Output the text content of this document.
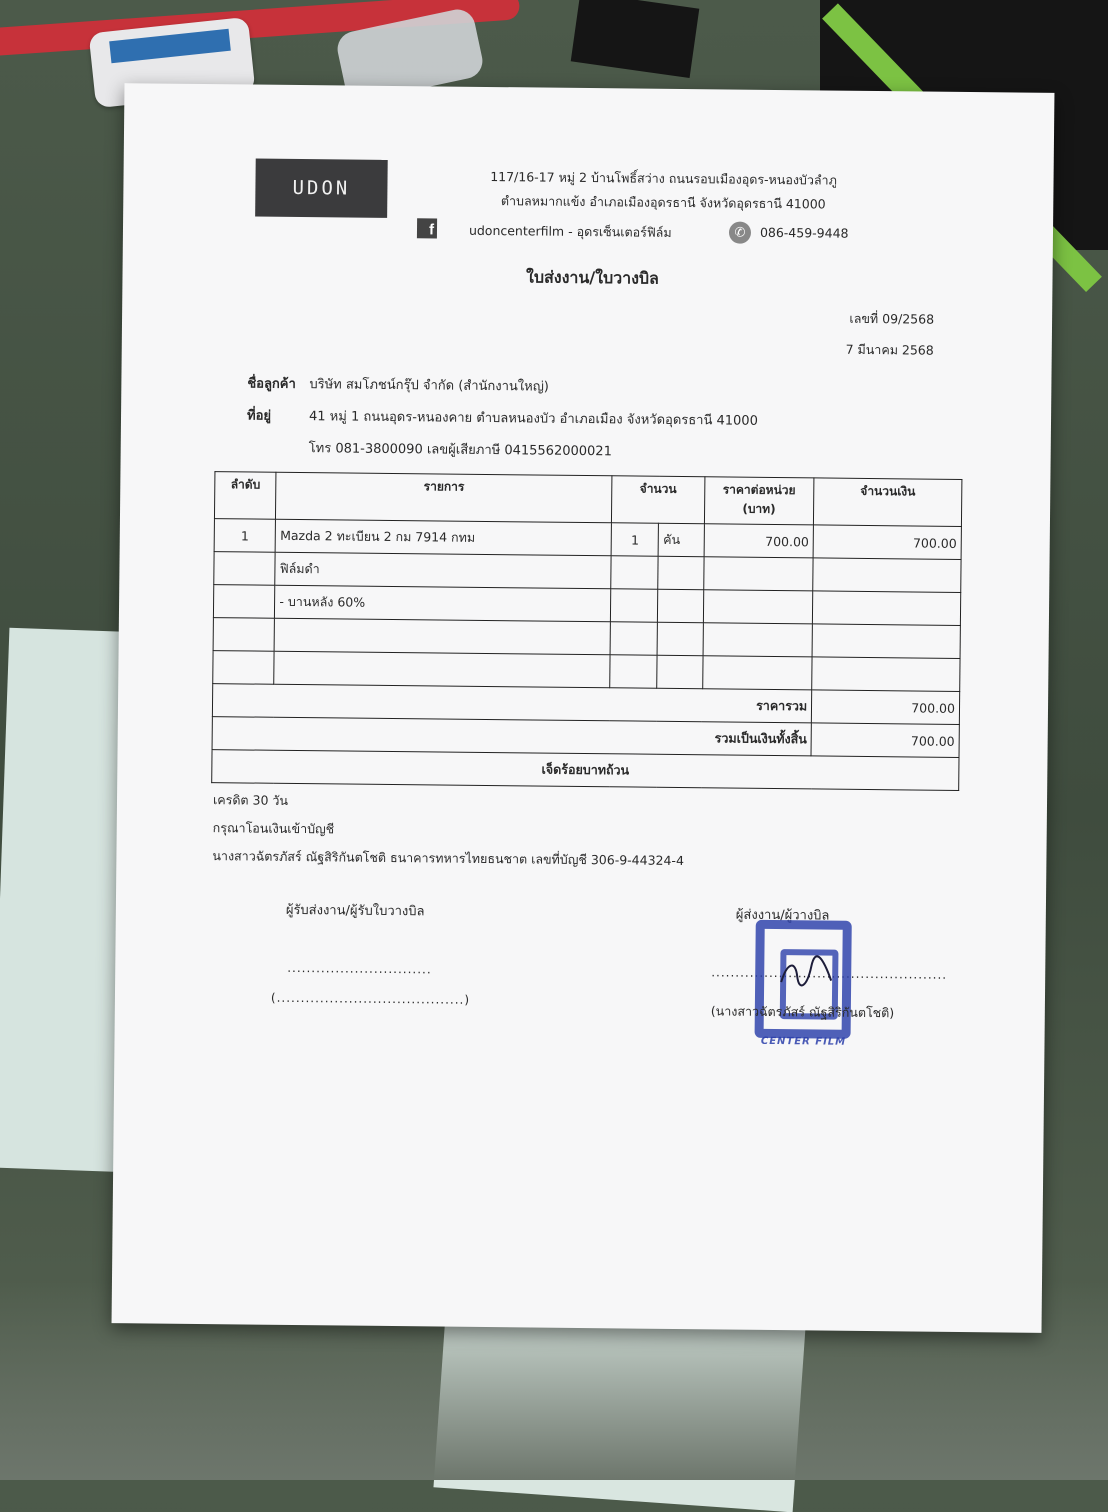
UDON	117/16-17 หมู่ 2 บ้านโพธิ์สว่าง ถนนรอบเมืองอุดร-หนองบัวลำภู
ตำบลหมากแข้ง อำเภอเมืองอุดรธานี จังหวัดอุดรธานี 41000
f	udoncenterfilm - อุดรเซ็นเตอร์ฟิล์ม	✆	086-459-9448
ใบส่งงาน/ใบวางบิล
เลขที่ 09/2568
7 มีนาคม 2568
ชื่อลูกค้า บริษัท สมโภชน์กรุ๊ป จำกัด (สำนักงานใหญ่)
ที่อยู่	41 หมู่ 1 ถนนอุดร-หนองคาย ตำบลหนองบัว อำเภอเมือง จังหวัดอุดรธานี 41000
โทร 081-3800090 เลขผู้เสียภาษี 0415562000021
ลำดับ	รายการ	จำนวน		ราคาต่อหน่วย (บาท)	จำนวนเงิน
1	Mazda 2 ทะเบียน 2 กม 7914 กทม	1	คัน	700.00	700.00
	ฟิล์มดำ				
	- บานหลัง 60%				

ราคารวม					700.00
รวมเป็นเงินทั้งสิ้น					700.00
เจ็ดร้อยบาทถ้วน					
เครดิต 30 วัน
กรุณาโอนเงินเข้าบัญชี
นางสาวฉัตรภัสร์ ณัฐสิริกันตโชติ ธนาคารทหารไทยธนชาต เลขที่บัญชี 306-9-44324-4
ผู้รับส่งงาน/ผู้รับใบวางบิล
..............................
(.......................................)
ผู้ส่งงาน/ผู้วางบิล
.................................................
CENTER FILM
(นางสาวฉัตรภัสร์ ณัฐสิริกันตโชติ)
